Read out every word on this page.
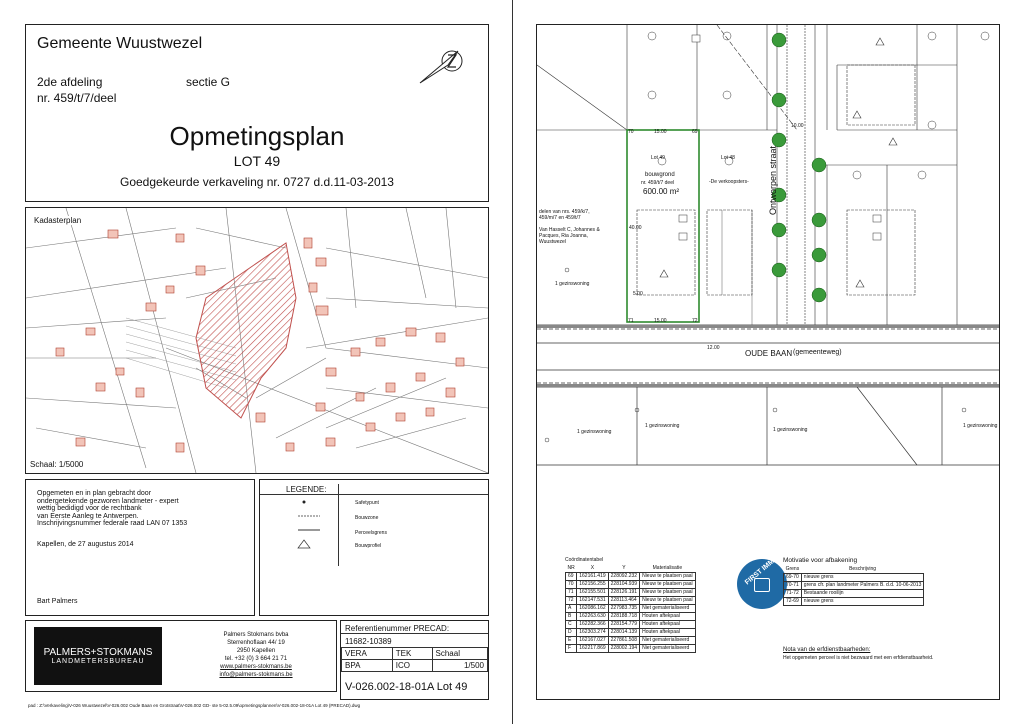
Gemeente Wuustwezel
2de afdeling	sectie G
nr. 459/t/7/deel
Opmetingsplan
LOT 49
Goedgekeurde verkaveling nr. 0727 d.d.11-03-2013
Kadasterplan
Schaal: 1/5000
Opgemeten en in plan gebracht door
ondergetekende gezworen landmeter - expert
wettig bedidigd voor de rechtbank
van Eerste Aanleg te Antwerpen.
Inschrijvingsnummer federale raad LAN 07 1353
Kapellen, de 27 augustus 2014
Bart Palmers
LEGENDE:
Safetypunt
Bouwzone
Perceelsgrens
Bouwprofiel
PALMERS+STOKMANS
LANDMETERSBUREAU
Palmers Stokmans bvba
Sterrenhoflaan 44/ 19
2950 Kapellen
tel. +32 (0) 3 664 21 71
www.palmers-stokmans.be
info@palmers-stokmans.be
Referentienummer PRECAD:
11682-10389
VERA	TEK	Schaal
BPA	ICO	1/500
V-026.002-18-01A Lot 49
pad : Z:\Verkaveling\V-026 Wuustwezel\V-026.002 Oude Baan en Grotstraat\V-026.002 GD- ste 5-02.5.09\opmetingsplannen\V-026.002-18-01A Lot 49 (PRECAD).dwg
Lot 49
bouwgrond
nr. 459/t/7 deel
600.00 m²
Lot 48
-De verkoopsters- Ontworpen straat
OUDE BAAN (gemeenteweg)
delen van nrs. 459/k/7,
459/m/7 en 459/t/7

Van Hasselt C, Johannes &
Pacques, Ria Joanna,
Wuustwezel
1 gezinswoning
1 gezinswoning
1 gezinswoning
1 gezinswoning
1 gezinswoning
70	69
71	72
15.00
40.00
15.00
5.00
12.00
10.00
Coördinatentabel
NR	X	Y	Materialisatie
69	162161.419	228092.232	Nieuw te plaatsen paal
70	162156.255	228104.939	Nieuw te plaatsen paal
71	162155.501	228126.191	Nieuw te plaatsen paal
72	162147.531	228113.464	Nieuw te plaatsen paal
A	162086.162	227983.735	Niet gematerialiseerd
B	162263.630	228188.718	Houten aftekpaal
C	162282.366	228154.779	Houten aftekpaal
D	162303.274	228014.139	Houten aftekpaal
E	162167.027	227861.508	Niet gematerialiseerd
F	162217.869	228002.194	Niet gematerialiseerd
FIRST IMMO Motivatie voor afbakening
Grens	Beschrijving
69-70	nieuwe grens
70-71	grens cfr. plan landmeter Palmers B. d.d. 10-06-2013
71-72	Bestaande rooilijn
72-69	nieuwe grens
Nota van de erfdienstbaarheden:
Het opgemeten perceel is niet bezwaard met een erfdienstbaarheid.
